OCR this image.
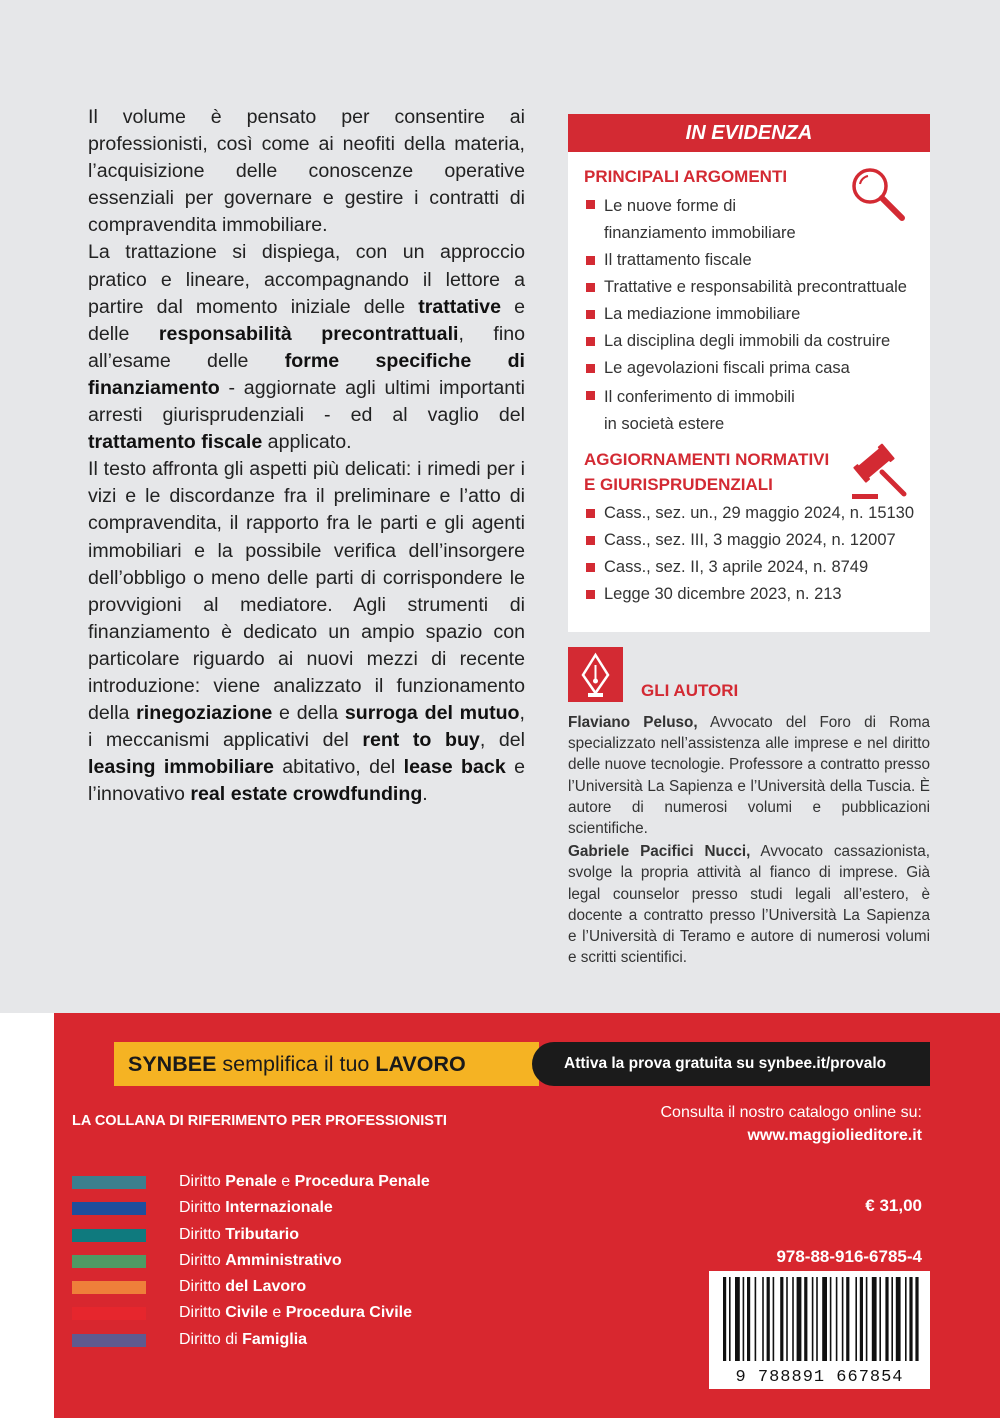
Il volume è pensato per consentire ai professionisti, così come ai neofiti della materia, l’acquisizione delle conoscenze operative essenziali per governare e gestire i contratti di compravendita immobiliare.

La trattazione si dispiega, con un approccio pratico e lineare, accompagnando il lettore a partire dal momento iniziale delle trattative e delle responsabilità precontrattuali, fino all’esame delle forme specifiche di finanziamento - aggiornate agli ultimi importanti arresti giurisprudenziali - ed al vaglio del trattamento fiscale applicato.

Il testo affronta gli aspetti più delicati: i rimedi per i vizi e le discordanze fra il preliminare e l’atto di compravendita, il rapporto fra le parti e gli agenti immobiliari e la possibile verifica dell’insorgere dell’obbligo o meno delle parti di corrispondere le provvigioni al mediatore. Agli strumenti di finanziamento è dedicato un ampio spazio con particolare riguardo ai nuovi mezzi di recente introduzione: viene analizzato il funzionamento della rinegoziazione e della surroga del mutuo, i meccanismi applicativi del rent to buy, del leasing immobiliare abitativo, del lease back e l’innovativo real estate crowdfunding.

IN EVIDENZA
PRINCIPALI ARGOMENTI
Le nuove forme di finanziamento immobiliare
Il trattamento fiscale
Trattative e responsabilità precontrattuale
La mediazione immobiliare
La disciplina degli immobili da costruire
Le agevolazioni fiscali prima casa
Il conferimento di immobili in società estere
AGGIORNAMENTI NORMATIVI
E GIURISPRUDENZIALI
Cass., sez. un., 29 maggio 2024, n. 15130
Cass., sez. III, 3 maggio 2024, n. 12007
Cass., sez. II, 3 aprile 2024, n. 8749
Legge 30 dicembre 2023, n. 213
GLI AUTORI

Flaviano Peluso, Avvocato del Foro di Roma specializzato nell’assistenza alle imprese e nel diritto delle nuove tecnologie. Professore a contratto presso l’Università La Sapienza e l’Università della Tuscia. È autore di numerosi volumi e pubblicazioni scientifiche.

Gabriele Pacifici Nucci, Avvocato cassazionista, svolge la propria attività al fianco di imprese. Già legal counselor presso studi legali all’estero, è docente a contratto presso l’Università La Sapienza e l’Università di Teramo e autore di numerosi volumi e scritti scientifici.

SYNBEE semplifica il tuo LAVORO	Attiva la prova gratuita su synbee.it/provalo
LA COLLANA DI RIFERIMENTO PER PROFESSIONISTI	Consulta il nostro catalogo online su:
www.maggiolieditore.it
€ 31,00
978-88-916-6785-4
Diritto Penale e Procedura Penale
Diritto Internazionale
Diritto Tributario
Diritto Amministrativo
Diritto del Lavoro
Diritto Civile e Procedura Civile
Diritto di Famiglia
9 788891 667854
